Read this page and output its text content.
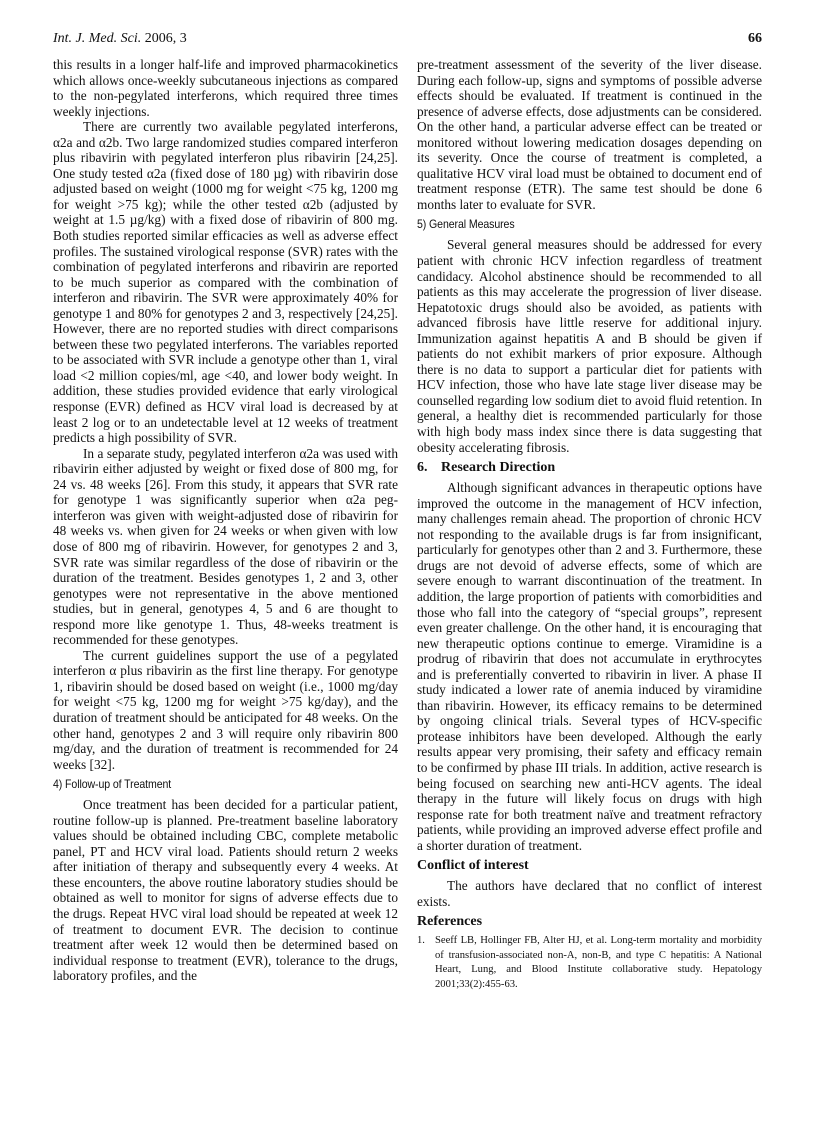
Int. J. Med. Sci. 2006, 3	66

this results in a longer half-life and improved pharmacokinetics which allows once-weekly subcutaneous injections as compared to the non-pegylated interferons, which required three times weekly injections.

There are currently two available pegylated interferons, α2a and α2b. Two large randomized studies compared interferon plus ribavirin with pegylated interferon plus ribavirin [24,25]. One study tested α2a (fixed dose of 180 µg) with ribavirin dose adjusted based on weight (1000 mg for weight <75 kg, 1200 mg for weight >75 kg); while the other tested α2b (adjusted by weight at 1.5 µg/kg) with a fixed dose of ribavirin of 800 mg. Both studies reported similar efficacies as well as adverse effect profiles. The sustained virological response (SVR) rates with the combination of pegylated interferons and ribavirin are reported to be much superior as compared with the combination of interferon and ribavirin. The SVR were approximately 40% for genotype 1 and 80% for genotypes 2 and 3, respectively [24,25]. However, there are no reported studies with direct comparisons between these two pegylated interferons. The variables reported to be associated with SVR include a genotype other than 1, viral load <2 million copies/ml, age <40, and lower body weight. In addition, these studies provided evidence that early virological response (EVR) defined as HCV viral load is decreased by at least 2 log or to an undetectable level at 12 weeks of treatment predicts a high possibility of SVR.

In a separate study, pegylated interferon α2a was used with ribavirin either adjusted by weight or fixed dose of 800 mg, for 24 vs. 48 weeks [26]. From this study, it appears that SVR rate for genotype 1 was significantly superior when α2a peg-interferon was given with weight-adjusted dose of ribavirin for 48 weeks vs. when given for 24 weeks or when given with low dose of 800 mg of ribavirin. However, for genotypes 2 and 3, SVR rate was similar regardless of the dose of ribavirin or the duration of the treatment. Besides genotypes 1, 2 and 3, other genotypes were not representative in the above mentioned studies, but in general, genotypes 4, 5 and 6 are thought to respond more like genotype 1. Thus, 48-weeks treatment is recommended for these genotypes.

The current guidelines support the use of a pegylated interferon α plus ribavirin as the first line therapy. For genotype 1, ribavirin should be dosed based on weight (i.e., 1000 mg/day for weight <75 kg, 1200 mg for weight >75 kg/day), and the duration of treatment should be anticipated for 48 weeks. On the other hand, genotypes 2 and 3 will require only ribavirin 800 mg/day, and the duration of treatment is recommended for 24 weeks [32].

4) Follow-up of Treatment

Once treatment has been decided for a particular patient, routine follow-up is planned. Pre-treatment baseline laboratory values should be obtained including CBC, complete metabolic panel, PT and HCV viral load. Patients should return 2 weeks after initiation of therapy and subsequently every 4 weeks. At these encounters, the above routine laboratory studies should be obtained as well to monitor for signs of adverse effects due to the drugs. Repeat HVC viral load should be repeated at week 12 of treatment to document EVR. The decision to continue treatment after week 12 would then be determined based on individual response to treatment (EVR), tolerance to the drugs, laboratory profiles, and the

pre-treatment assessment of the severity of the liver disease. During each follow-up, signs and symptoms of possible adverse effects should be evaluated. If treatment is continued in the presence of adverse effects, dose adjustments can be considered. On the other hand, a particular adverse effect can be treated or monitored without lowering medication dosages depending on its severity. Once the course of treatment is completed, a qualitative HCV viral load must be obtained to document end of treatment response (ETR). The same test should be done 6 months later to evaluate for SVR.

5) General Measures

Several general measures should be addressed for every patient with chronic HCV infection regardless of treatment candidacy. Alcohol abstinence should be recommended to all patients as this may accelerate the progression of liver disease. Hepatotoxic drugs should also be avoided, as patients with advanced fibrosis have little reserve for additional injury. Immunization against hepatitis A and B should be given if patients do not exhibit markers of prior exposure. Although there is no data to support a particular diet for patients with HCV infection, those who have late stage liver disease may be counselled regarding low sodium diet to avoid fluid retention. In general, a healthy diet is recommended particularly for those with high body mass index since there is data suggesting that obesity accelerating fibrosis.

6. Research Direction

Although significant advances in therapeutic options have improved the outcome in the management of HCV infection, many challenges remain ahead. The proportion of chronic HCV not responding to the available drugs is far from insignificant, particularly for genotypes other than 2 and 3. Furthermore, these drugs are not devoid of adverse effects, some of which are severe enough to warrant discontinuation of the treatment. In addition, the large proportion of patients with comorbidities and those who fall into the category of “special groups”, represent even greater challenge. On the other hand, it is encouraging that new therapeutic options continue to emerge. Viramidine is a prodrug of ribavirin that does not accumulate in erythrocytes and is preferentially converted to ribavirin in liver. A phase II study indicated a lower rate of anemia induced by viramidine than ribavirin. However, its efficacy remains to be determined by ongoing clinical trials. Several types of HCV-specific protease inhibitors have been developed. Although the early results appear very promising, their safety and efficacy remain to be confirmed by phase III trials. In addition, active research is being focused on searching new anti-HCV agents. The ideal therapy in the future will likely focus on drugs with high response rate for both treatment naïve and treatment refractory patients, while providing an improved adverse effect profile and a shorter duration of treatment.

Conflict of interest

The authors have declared that no conflict of interest exists.

References
1. Seeff LB, Hollinger FB, Alter HJ, et al. Long-term mortality and morbidity of transfusion-associated non-A, non-B, and type C hepatitis: A National Heart, Lung, and Blood Institute collaborative study. Hepatology 2001;33(2):455-63.
